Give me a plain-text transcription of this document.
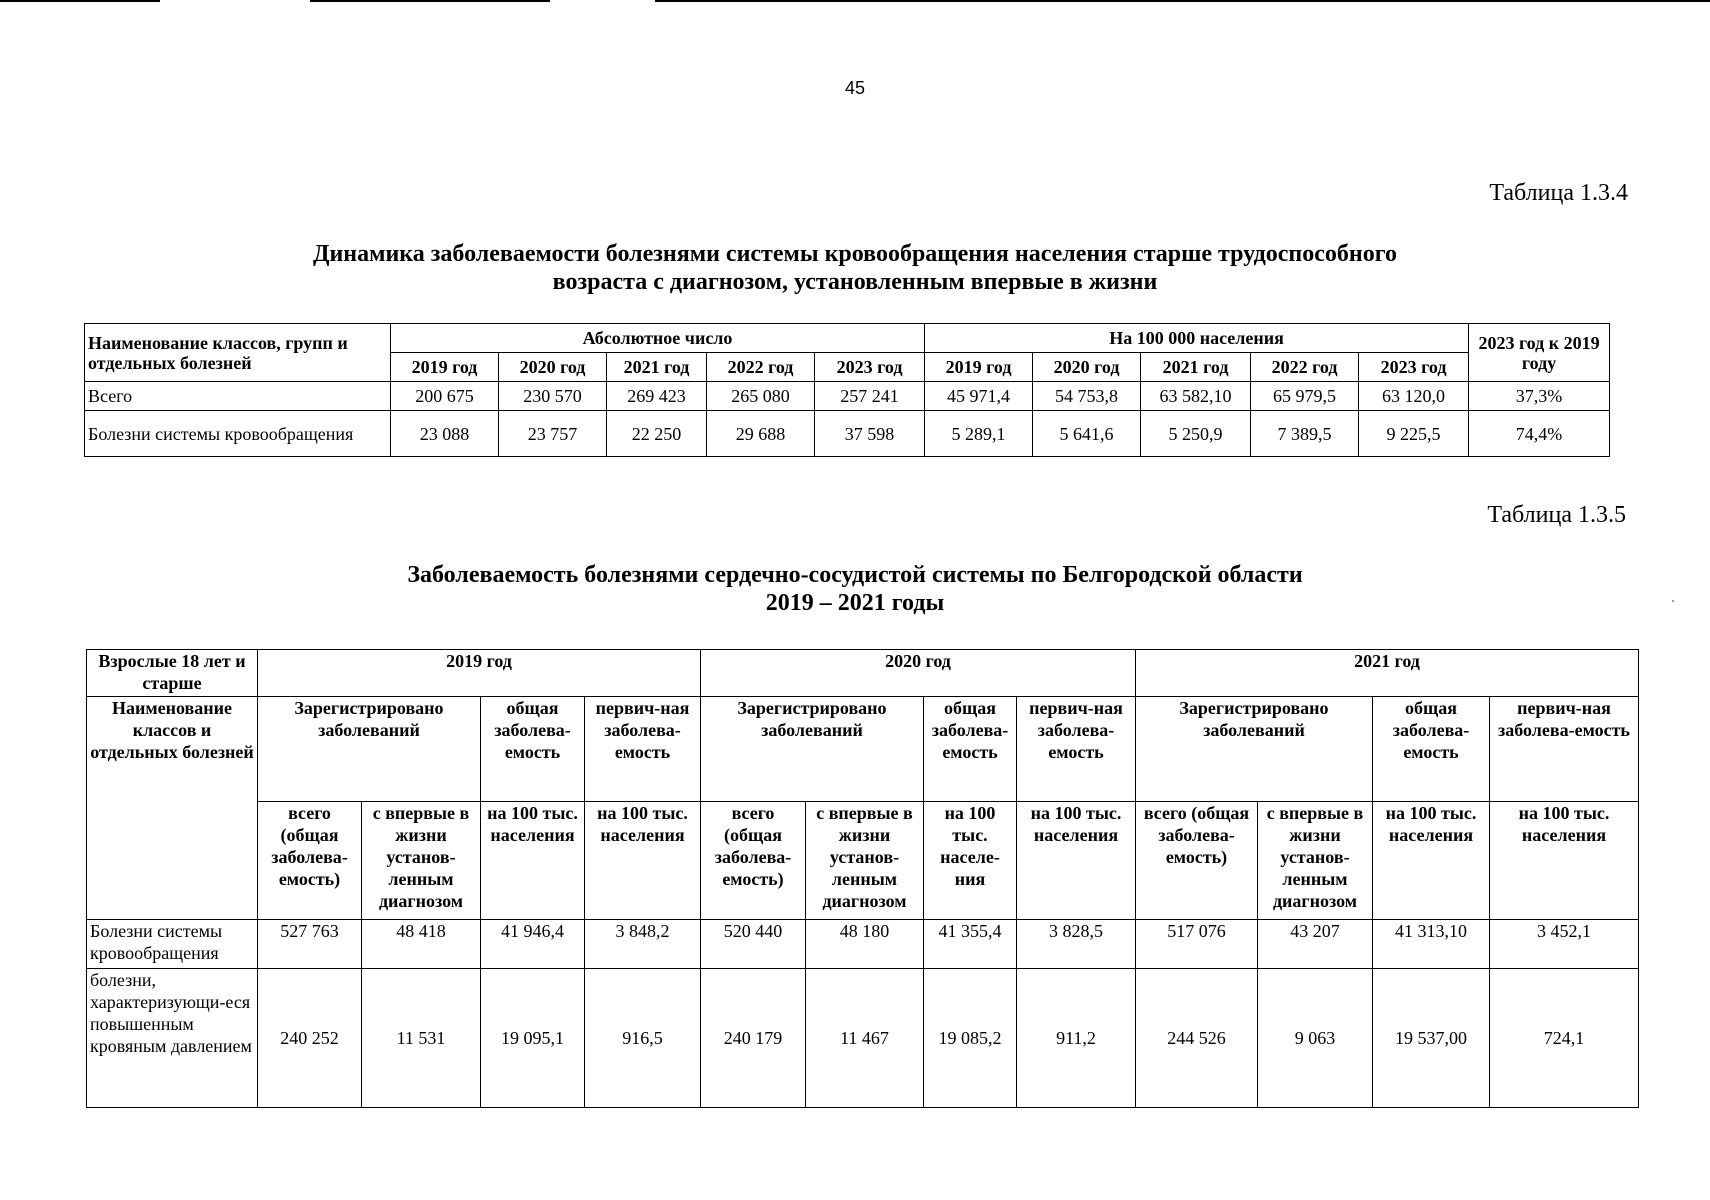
45
Таблица 1.3.4
Динамика заболеваемости болезнями системы кровообращения населения старше трудоспособного
возраста с диагнозом, установленным впервые в жизни
Наименование классов, групп и отдельных болезней	Абсолютное число					На 100 000 населения					2023 год к 2019 году
	2019 год	2020 год	2021 год	2022 год	2023 год	2019 год	2020 год	2021 год	2022 год	2023 год	
Всего	200 675	230 570	269 423	265 080	257 241	45 971,4	54 753,8	63 582,10	65 979,5	63 120,0	37,3%
Болезни системы кровообращения	23 088	23 757	22 250	29 688	37 598	5 289,1	5 641,6	5 250,9	7 389,5	9 225,5	74,4%
Таблица 1.3.5
Заболеваемость болезнями сердечно-сосудистой системы по Белгородской области
2019 – 2021 годы
Взрослые 18 лет и старше	2019 год				2020 год				2021 год			
Наименование классов и отдельных болезней	Зарегистрировано заболеваний		общая заболева-емость	первич-ная заболева-емость	Зарегистрировано заболеваний		общая заболева-емость	первич-ная заболева-емость	Зарегистрировано заболеваний		общая заболева-емость	первич-ная заболева-емость
	всего (общая заболева-емость)	с впервые в жизни установ-ленным диагнозом	на 100 тыс. населения	на 100 тыс. населения	всего (общая заболева-емость)	с впервые в жизни установ-ленным диагнозом	на 100 тыс. населе-ния	на 100 тыс. населения	всего (общая заболева-емость)	с впервые в жизни установ-ленным диагнозом	на 100 тыс. населения	на 100 тыс. населения
Болезни системы кровообращения	527 763	48 418	41 946,4	3 848,2	520 440	48 180	41 355,4	3 828,5	517 076	43 207	41 313,10	3 452,1
болезни, характеризующи-еся повышенным кровяным давлением	240 252	11 531	19 095,1	916,5	240 179	11 467	19 085,2	911,2	244 526	9 063	19 537,00	724,1
